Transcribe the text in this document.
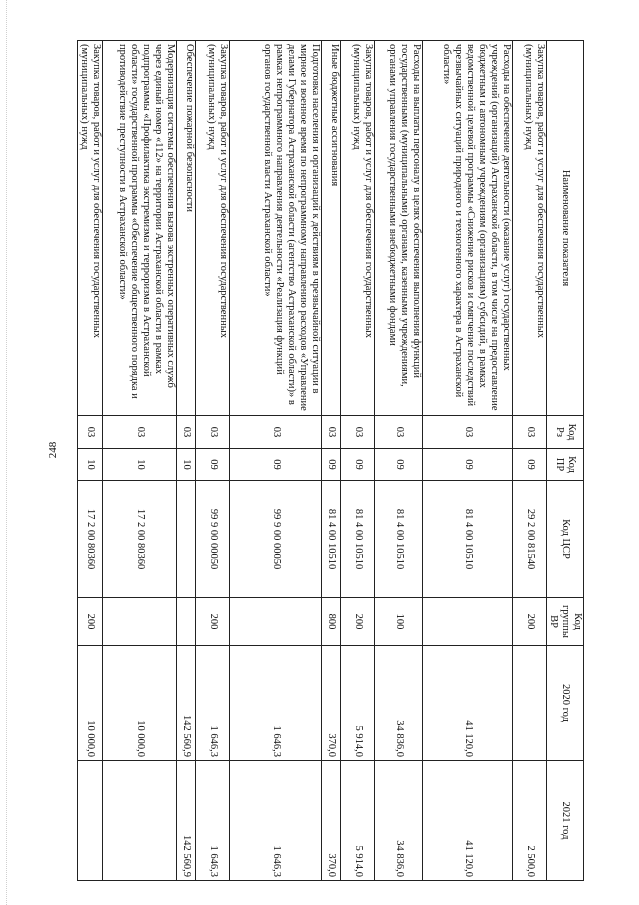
248
Наименование показателя	Код Рз	Код ПР	Код ЦСР	Код группы ВР	2020 год	2021 год
Закупка товаров, работ и услуг для обеспечения государственных (муниципальных) нужд	03	09	29 2 00 81540	200		2 500,0
Расходы на обеспечение деятельности (оказание услуг) государственных учреждений (организаций) Астраханской области, в том числе на предоставление бюджетным и автономным учреждениям (организациям) субсидий, в рамках ведомственной целевой программы «Снижение рисков и смягчение последствий чрезвычайных ситуаций природного и техногенного характера в Астраханской области»	03	09	81 4 00 10510		41 120,0	41 120,0
Расходы на выплаты персоналу в целях обеспечения выполнения функций государственными (муниципальными) органами, казенными учреждениями, органами управления государственными внебюджетными фондами	03	09	81 4 00 10510	100	34 836,0	34 836,0
Закупка товаров, работ и услуг для обеспечения государственных (муниципальных) нужд	03	09	81 4 00 10510	200	5 914,0	5 914,0
Иные бюджетные ассигнования	03	09	81 4 00 10510	800	370,0	370,0
Подготовка населения и организаций к действиям в чрезвычайной ситуации в мирное и военное время по непрограммному направлению расходов «Управление делами Губернатора Астраханской области (агентство Астраханской области)» в рамках непрограммного направления деятельности «Реализация функций органов государственной власти Астраханской области»	03	09	99 9 00 00050		1 646,3	1 646,3
Закупка товаров, работ и услуг для обеспечения государственных (муниципальных) нужд	03	09	99 9 00 00050	200	1 646,3	1 646,3
Обеспечение пожарной безопасности	03	10			142 560,9	142 560,9
Модернизация системы обеспечения вызова экстренных оперативных служб через единый номер «112» на территории Астраханской области в рамках подпрограммы «Профилактика экстремизма и терроризма в Астраханской области» государственной программы «Обеспечение общественного порядка и противодействие преступности в Астраханской области»	03	10	17 2 00 80360		10 000,0	
Закупка товаров, работ и услуг для обеспечения государственных (муниципальных) нужд	03	10	17 2 00 80360	200	10 000,0	
